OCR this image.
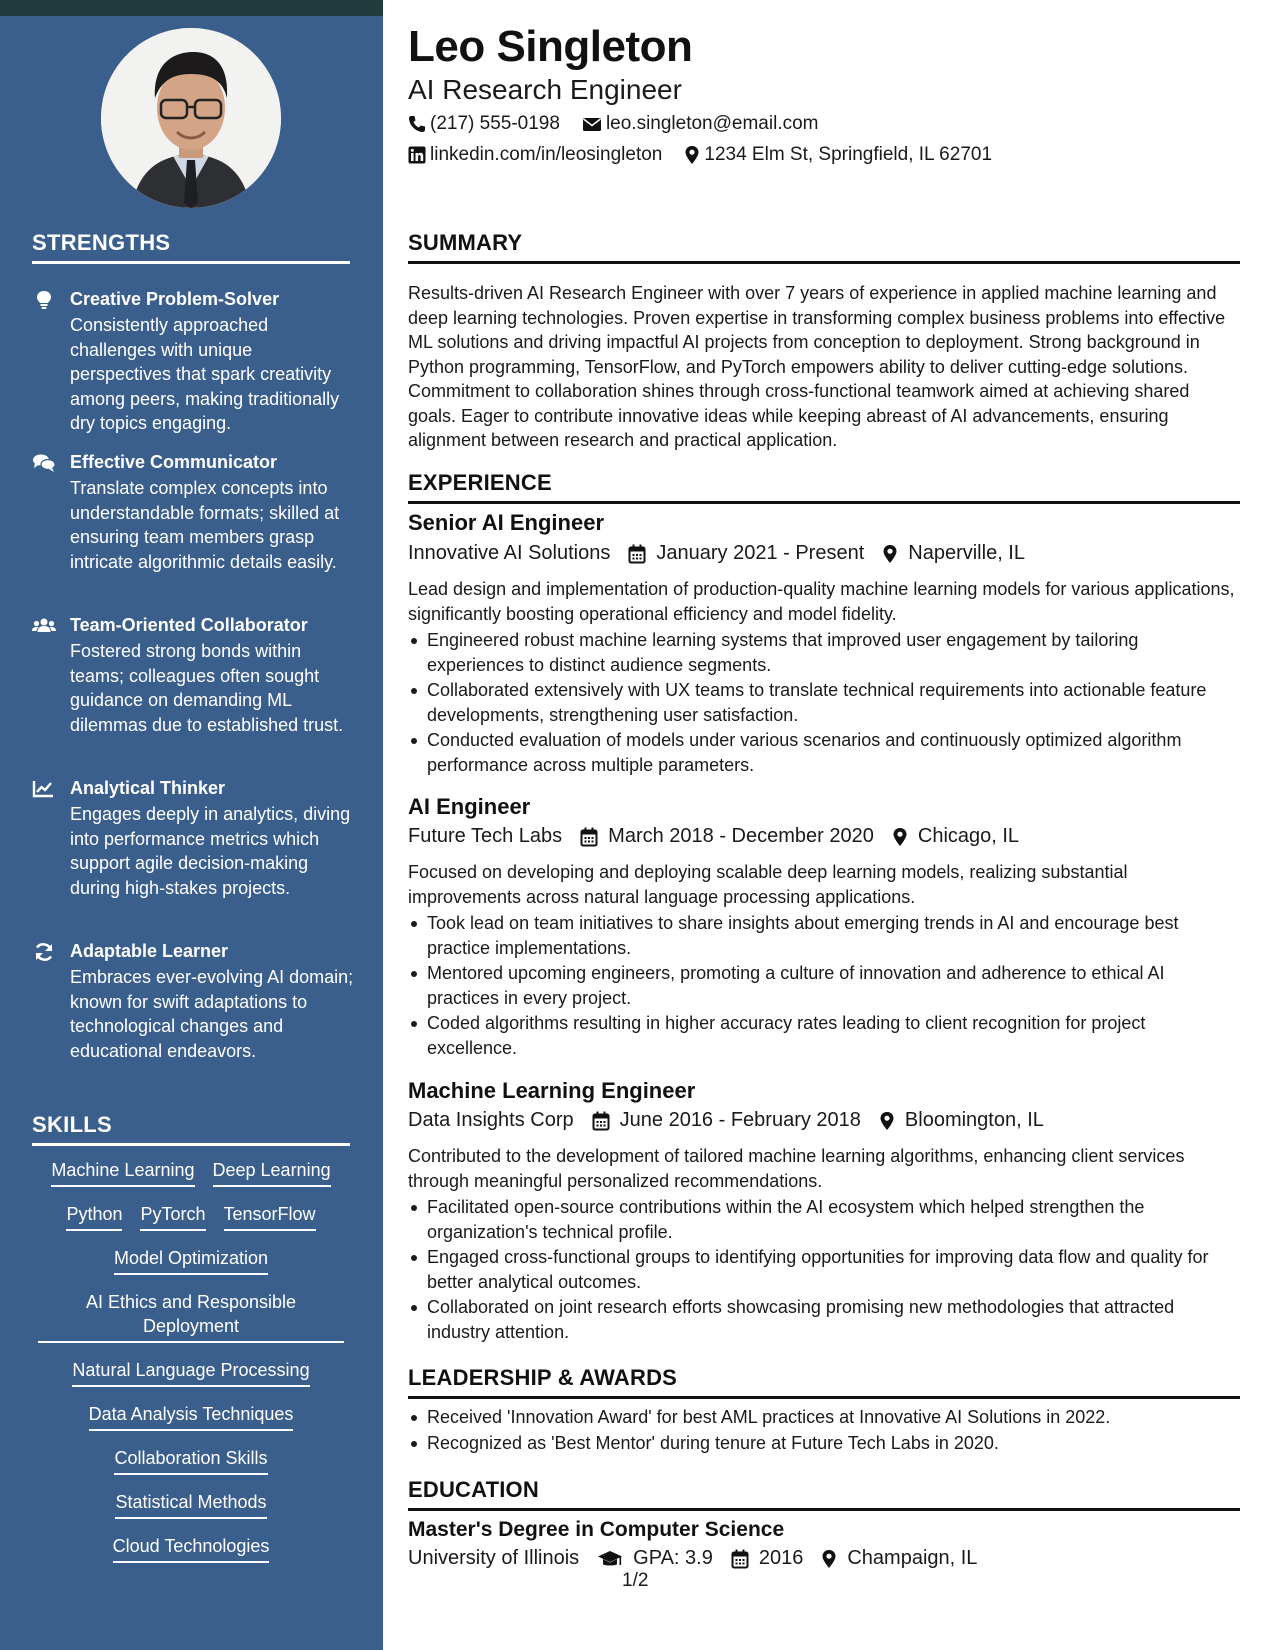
STRENGTHS
Creative Problem-Solver
Consistently approached challenges with unique perspectives that spark creativity among peers, making traditionally dry topics engaging.
Effective Communicator
Translate complex concepts into understandable formats; skilled at ensuring team members grasp intricate algorithmic details easily.
Team-Oriented Collaborator
Fostered strong bonds within teams; colleagues often sought guidance on demanding ML dilemmas due to established trust.
Analytical Thinker
Engages deeply in analytics, diving into performance metrics which support agile decision-making during high-stakes projects.
Adaptable Learner
Embraces ever-evolving AI domain; known for swift adaptations to technological changes and educational endeavors.
SKILLS
Machine Learning Deep Learning
Python PyTorch TensorFlow
Model Optimization
AI Ethics and Responsible Deployment
Natural Language Processing
Data Analysis Techniques
Collaboration Skills
Statistical Methods
Cloud Technologies
Leo Singleton
AI Research Engineer
(217) 555-0198 leo.singleton@email.com
linkedin.com/in/leosingleton 1234 Elm St, Springfield, IL 62701
SUMMARY
Results-driven AI Research Engineer with over 7 years of experience in applied machine learning and deep learning technologies. Proven expertise in transforming complex business problems into effective ML solutions and driving impactful AI projects from conception to deployment. Strong background in Python programming, TensorFlow, and PyTorch empowers ability to deliver cutting-edge solutions. Commitment to collaboration shines through cross-functional teamwork aimed at achieving shared goals. Eager to contribute innovative ideas while keeping abreast of AI advancements, ensuring alignment between research and practical application.
EXPERIENCE
Senior AI Engineer
Innovative AI Solutions January 2021 - Present Naperville, IL
Lead design and implementation of production-quality machine learning models for various applications, significantly boosting operational efficiency and model fidelity.
Engineered robust machine learning systems that improved user engagement by tailoring experiences to distinct audience segments.
Collaborated extensively with UX teams to translate technical requirements into actionable feature developments, strengthening user satisfaction.
Conducted evaluation of models under various scenarios and continuously optimized algorithm performance across multiple parameters.
AI Engineer
Future Tech Labs March 2018 - December 2020 Chicago, IL
Focused on developing and deploying scalable deep learning models, realizing substantial improvements across natural language processing applications.
Took lead on team initiatives to share insights about emerging trends in AI and encourage best practice implementations.
Mentored upcoming engineers, promoting a culture of innovation and adherence to ethical AI practices in every project.
Coded algorithms resulting in higher accuracy rates leading to client recognition for project excellence.
Machine Learning Engineer
Data Insights Corp June 2016 - February 2018 Bloomington, IL
Contributed to the development of tailored machine learning algorithms, enhancing client services through meaningful personalized recommendations.
Facilitated open-source contributions within the AI ecosystem which helped strengthen the organization's technical profile.
Engaged cross-functional groups to identifying opportunities for improving data flow and quality for better analytical outcomes.
Collaborated on joint research efforts showcasing promising new methodologies that attracted industry attention.
LEADERSHIP & AWARDS
Received 'Innovation Award' for best AML practices at Innovative AI Solutions in 2022.
Recognized as 'Best Mentor' during tenure at Future Tech Labs in 2020.
EDUCATION
Master's Degree in Computer Science
University of Illinois	GPA: 3.9 2016 Champaign, IL
1/2
